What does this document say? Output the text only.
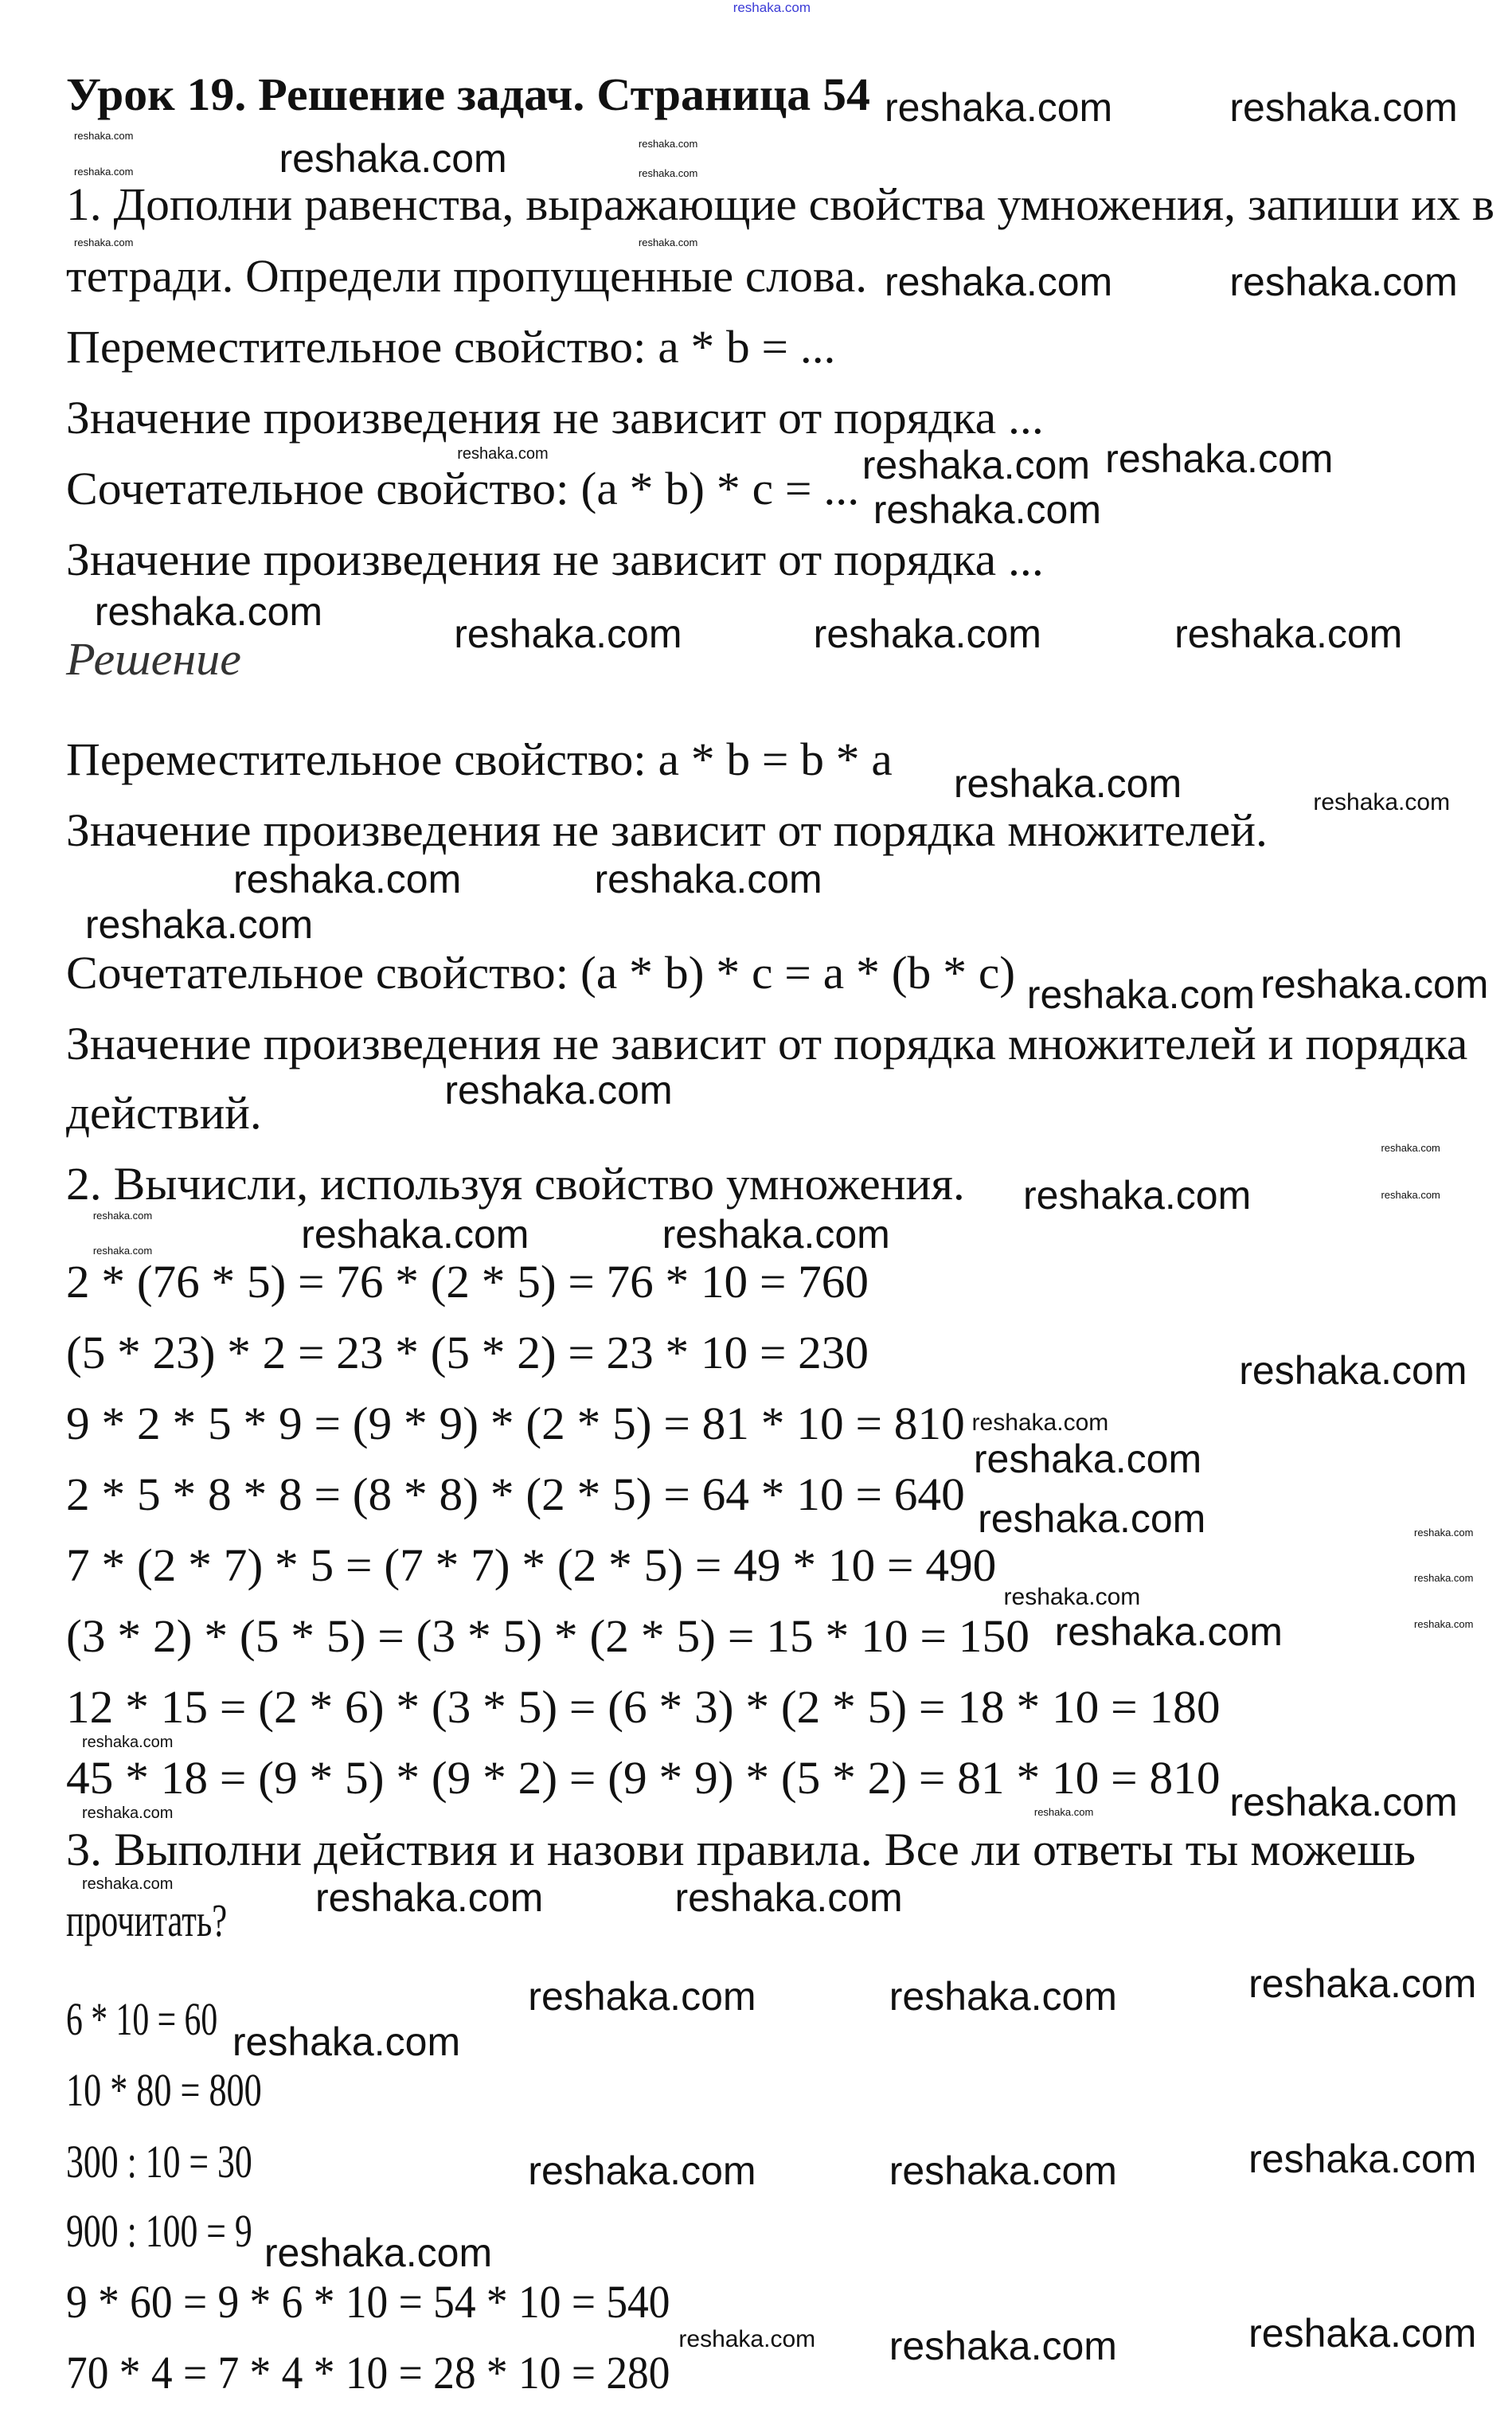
Урок 19. Решение задач. Страница 54
1. Дополни равенства, выражающие свойства умножения, запиши их в
тетради. Определи пропущенные слова.
Переместительное свойство: a * b = ...
Значение произведения не зависит от порядка ...
Сочетательное свойство: (a * b) * c = ...
Значение произведения не зависит от порядка ...
Решение
Переместительное свойство: a * b = b * a
Значение произведения не зависит от порядка множителей.
Сочетательное свойство: (a * b) * c = a * (b * c)
Значение произведения не зависит от порядка множителей и порядка
действий.
2. Вычисли, используя свойство умножения.
2 * (76 * 5) = 76 * (2 * 5) = 76 * 10 = 760
(5 * 23) * 2 = 23 * (5 * 2) = 23 * 10 = 230
9 * 2 * 5 * 9 = (9 * 9) * (2 * 5) = 81 * 10 = 810
2 * 5 * 8 * 8 = (8 * 8) * (2 * 5) = 64 * 10 = 640
7 * (2 * 7) * 5 = (7 * 7) * (2 * 5) = 49 * 10 = 490
(3 * 2) * (5 * 5) = (3 * 5) * (2 * 5) = 15 * 10 = 150
12 * 15 = (2 * 6) * (3 * 5) = (6 * 3) * (2 * 5) = 18 * 10 = 180
45 * 18 = (9 * 5) * (9 * 2) = (9 * 9) * (5 * 2) = 81 * 10 = 810
3. Выполни действия и назови правила. Все ли ответы ты можешь
прочитать?
6 * 10 = 60
10 * 80 = 800
300 : 10 = 30
900 : 100 = 9
9 * 60 = 9 * 6 * 10 = 54 * 10 = 540
70 * 4 = 7 * 4 * 10 = 28 * 10 = 280
reshaka.com
reshaka.com	reshaka.com
reshaka.com
reshaka.com	reshaka.com
reshaka.com
reshaka.com
reshaka.com
reshaka.com	reshaka.com	reshaka.com	reshaka.com
reshaka.com	reshaka.com
reshaka.com
reshaka.com
reshaka.com
reshaka.com reshaka.com
reshaka.com
reshaka.com	reshaka.com
reshaka.com
reshaka.com
reshaka.com
reshaka.com
reshaka.com
reshaka.com	reshaka.com
reshaka.com	reshaka.com	reshaka.com
reshaka.com
reshaka.com	reshaka.com	reshaka.com
reshaka.com
reshaka.com	reshaka.com
reshaka.com
reshaka.com
reshaka.com
reshaka.com
reshaka.com
reshaka.com
reshaka.com
reshaka.com	reshaka.com
reshaka.com	reshaka.com
reshaka.com
reshaka.com
reshaka.com
reshaka.com
reshaka.com
reshaka.com
reshaka.com
reshaka.com
reshaka.com
reshaka.com
reshaka.com
